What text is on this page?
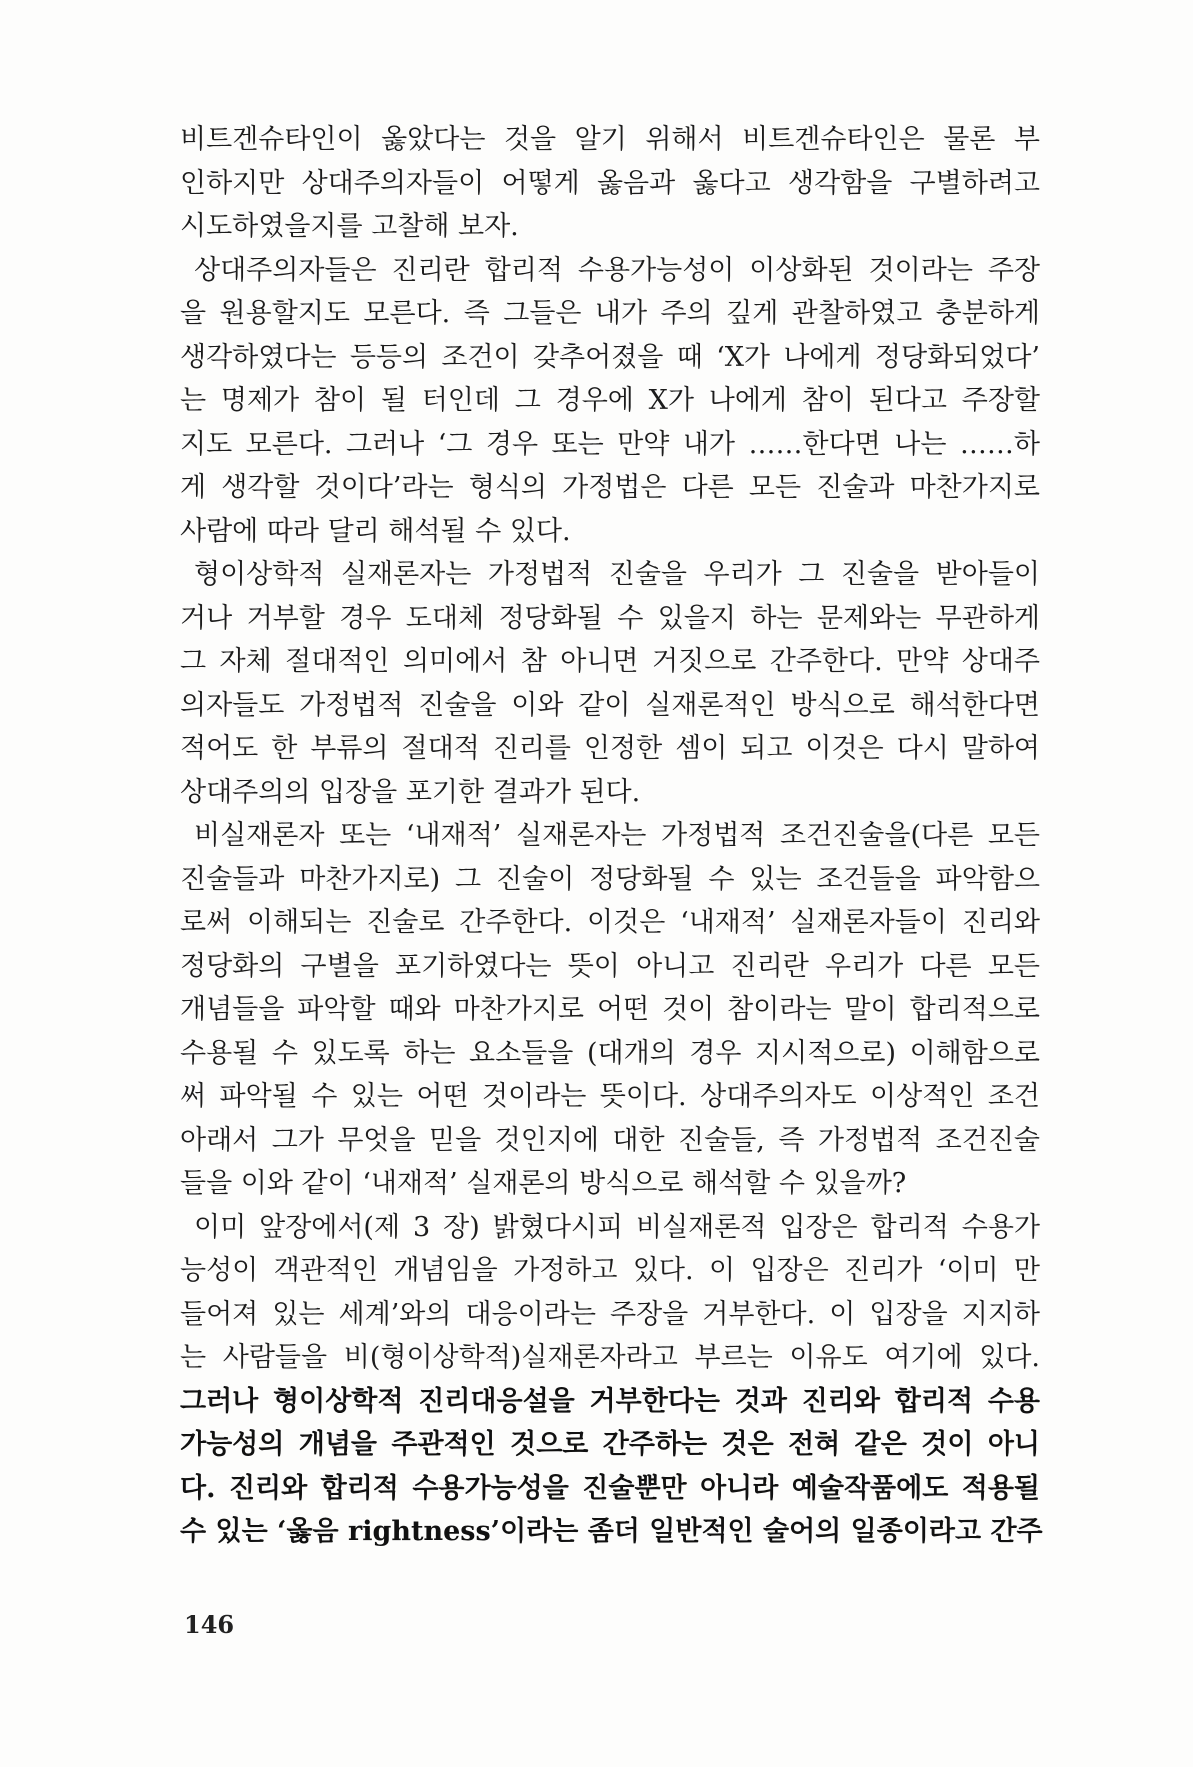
비트겐슈타인이 옳았다는 것을 알기 위해서 비트겐슈타인은 물론 부
인하지만 상대주의자들이 어떻게 옳음과 옳다고 생각함을 구별하려고
시도하였을지를 고찰해 보자.
상대주의자들은 진리란 합리적 수용가능성이 이상화된 것이라는 주장
을 원용할지도 모른다. 즉 그들은 내가 주의 깊게 관찰하였고 충분하게
생각하였다는 등등의 조건이 갖추어졌을 때 ‘X가 나에게 정당화되었다’
는 명제가 참이 될 터인데 그 경우에 X가 나에게 참이 된다고 주장할
지도 모른다. 그러나 ‘그 경우 또는 만약 내가 ……한다면 나는 ……하
게 생각할 것이다’라는 형식의 가정법은 다른 모든 진술과 마찬가지로
사람에 따라 달리 해석될 수 있다.
형이상학적 실재론자는 가정법적 진술을 우리가 그 진술을 받아들이
거나 거부할 경우 도대체 정당화될 수 있을지 하는 문제와는 무관하게
그 자체 절대적인 의미에서 참 아니면 거짓으로 간주한다. 만약 상대주
의자들도 가정법적 진술을 이와 같이 실재론적인 방식으로 해석한다면
적어도 한 부류의 절대적 진리를 인정한 셈이 되고 이것은 다시 말하여
상대주의의 입장을 포기한 결과가 된다.
비실재론자 또는 ‘내재적’ 실재론자는 가정법적 조건진술을(다른 모든
진술들과 마찬가지로) 그 진술이 정당화될 수 있는 조건들을 파악함으
로써 이해되는 진술로 간주한다. 이것은 ‘내재적’ 실재론자들이 진리와
정당화의 구별을 포기하였다는 뜻이 아니고 진리란 우리가 다른 모든
개념들을 파악할 때와 마찬가지로 어떤 것이 참이라는 말이 합리적으로
수용될 수 있도록 하는 요소들을 (대개의 경우 지시적으로) 이해함으로
써 파악될 수 있는 어떤 것이라는 뜻이다. 상대주의자도 이상적인 조건
아래서 그가 무엇을 믿을 것인지에 대한 진술들, 즉 가정법적 조건진술
들을 이와 같이 ‘내재적’ 실재론의 방식으로 해석할 수 있을까?
이미 앞장에서(제 3 장) 밝혔다시피 비실재론적 입장은 합리적 수용가
능성이 객관적인 개념임을 가정하고 있다. 이 입장은 진리가 ‘이미 만
들어져 있는 세계’와의 대응이라는 주장을 거부한다. 이 입장을 지지하
는 사람들을 비(형이상학적)실재론자라고 부르는 이유도 여기에 있다.
그러나 형이상학적 진리대응설을 거부한다는 것과 진리와 합리적 수용
가능성의 개념을 주관적인 것으로 간주하는 것은 전혀 같은 것이 아니
다. 진리와 합리적 수용가능성을 진술뿐만 아니라 예술작품에도 적용될
수 있는 ‘옳음 rightness’이라는 좀더 일반적인 술어의 일종이라고 간주
146
